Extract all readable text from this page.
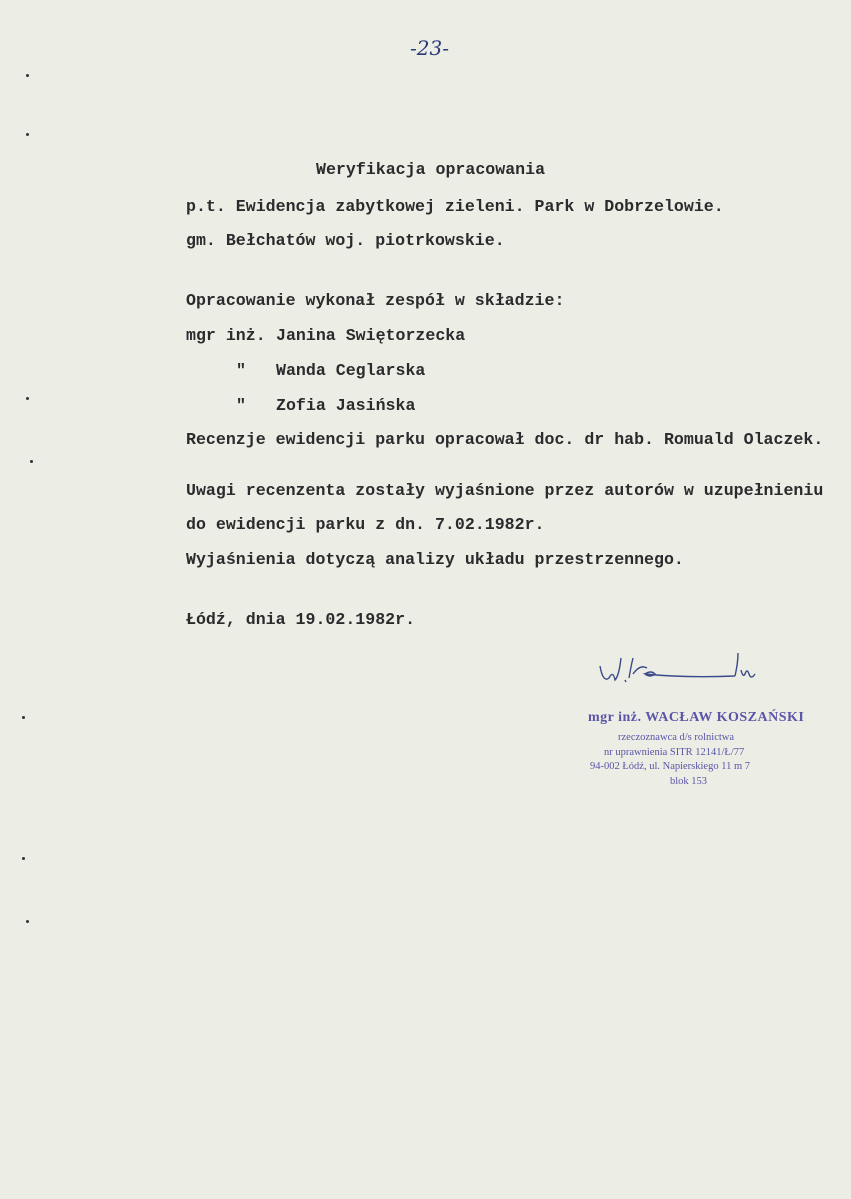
-23-
Weryfikacja opracowania
p.t. Ewidencja zabytkowej zieleni. Park w Dobrzelowie.
gm. Bełchatów woj. piotrkowskie.
Opracowanie wykonał zespół w składzie:
mgr inż. Janina Swiętorzecka
" Wanda Ceglarska
" Zofia Jasińska
Recenzje ewidencji parku opracował doc. dr hab. Romuald Olaczek.
Uwagi recenzenta zostały wyjaśnione przez autorów w uzupełnieniu
do ewidencji parku z dn. 7.02.1982r.
Wyjaśnienia dotyczą analizy układu przestrzennego.
Łódź, dnia 19.02.1982r.
mgr inż. WACŁAW KOSZAŃSKI
rzeczoznawca d/s rolnictwa
nr uprawnienia SITR 12141/Ł/77
94-002 Łódź, ul. Napierskiego 11 m 7
blok 153
